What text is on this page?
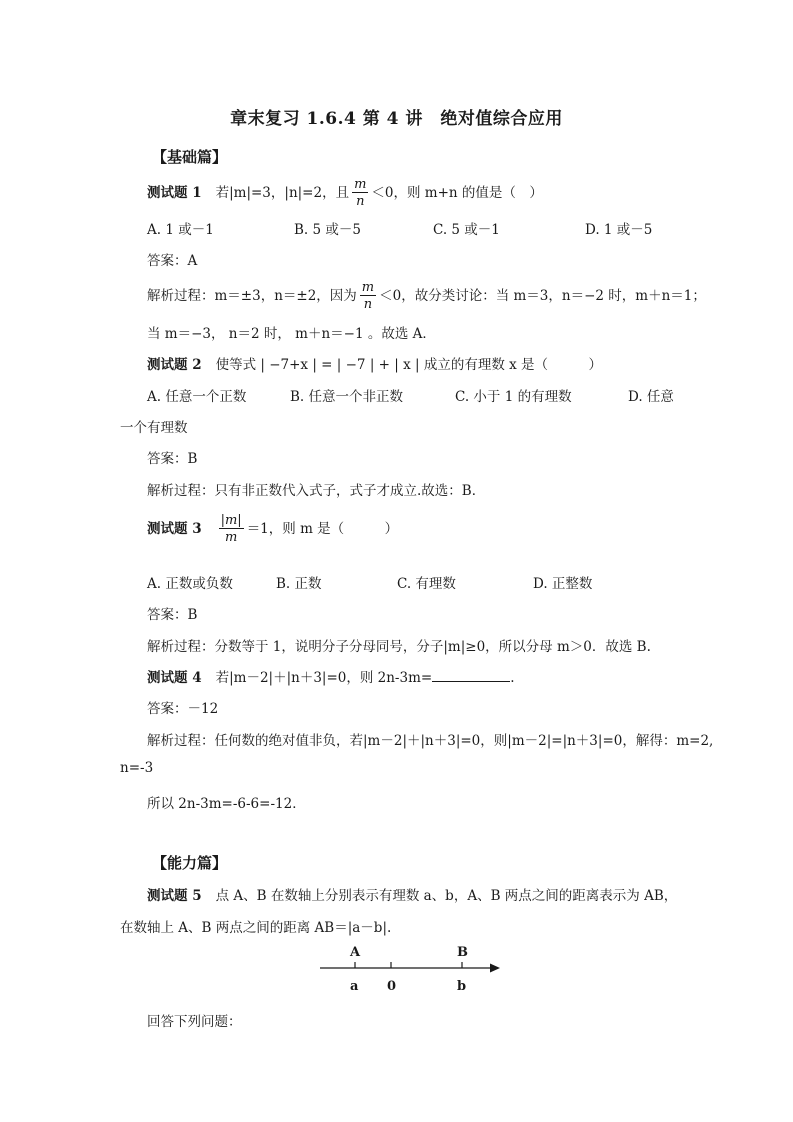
章末复习 1.6.4 第 4 讲　绝对值综合应用
【基础篇】
测试题 1 若|m|=3，|n|=2，且 $\frac{m}{n} <0$，则 m+n 的值是（　）
A. 1 或－1	B. 5 或－5	C. 5 或－1	D. 1 或－5
答案：A
解析过程：m＝±3，n＝±2，因为 $\frac{m}{n} <0$，故分类讨论：当 m＝3，n＝−2 时，m＋n＝1；
当 m＝−3， n＝2 时， m＋n＝−1 。故选 A．
测试题 2 使等式 | −7+x | = | −7 | + | x | 成立的有理数 x 是（　　　）
A. 任意一个正数	B. 任意一个非正数	C. 小于 1 的有理数	D. 任意
一个有理数
答案：B
解析过程：只有非正数代入式子，式子才成立.故选：B．
测试题 $3 \frac{|m|}{m} =1$，则 m 是（　　　）
A. 正数或负数	B. 正数	C. 有理数	D. 正整数
答案：B
解析过程：分数等于 1，说明分子分母同号，分子|m|≥0，所以分母 m＞0．故选 B.
测试题 4 若|m－2|＋|n＋3|=0，则 2n-3m=	.
答案：－12
解析过程：任何数的绝对值非负，若|m－2|＋|n＋3|=0，则|m－2|=|n＋3|=0，解得：m=2,
n=-3
所以 2n-3m=-6-6=-12．
【能力篇】
测试题 5 点 A、B 在数轴上分别表示有理数 a、b，A、B 两点之间的距离表示为 AB，
在数轴上 A、B 两点之间的距离 AB＝|a－b|.
A	B
a 0	b
回答下列问题：
